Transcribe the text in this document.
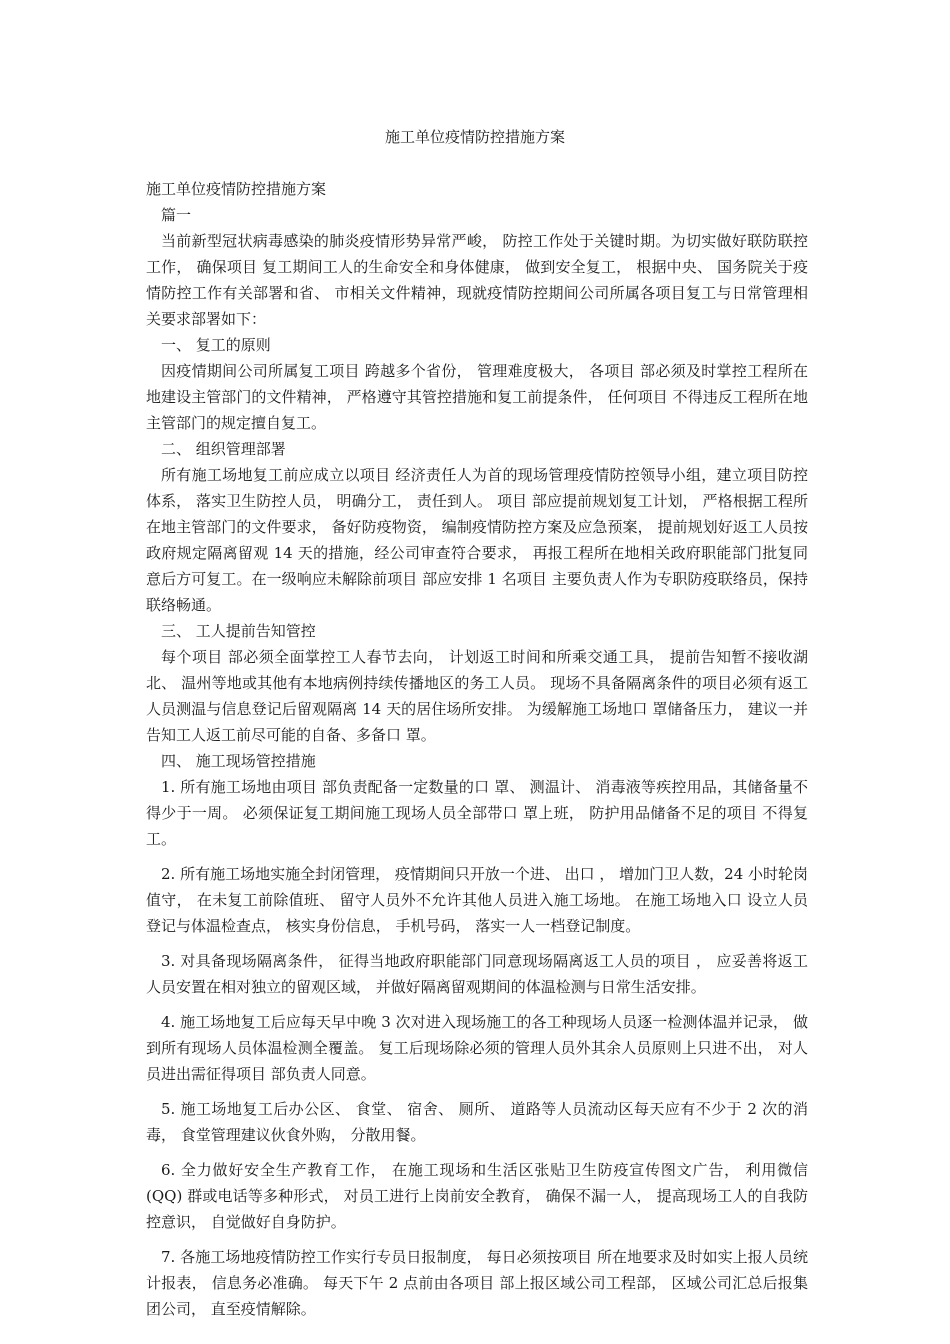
施工单位疫情防控措施方案

施工单位疫情防控措施方案

篇一

当前新型冠状病毒感染的肺炎疫情形势异常严峻， 防控工作处于关键时期。为切实做好联防联控工作， 确保项目 复工期间工人的生命安全和身体健康， 做到安全复工， 根据中央、 国务院关于疫情防控工作有关部署和省、 市相关文件精神，现就疫情防控期间公司所属各项目复工与日常管理相关要求部署如下：

一、 复工的原则

因疫情期间公司所属复工项目 跨越多个省份， 管理难度极大， 各项目 部必须及时掌控工程所在地建设主管部门的文件精神， 严格遵守其管控措施和复工前提条件， 任何项目 不得违反工程所在地主管部门的规定擅自复工。

二、 组织管理部署

所有施工场地复工前应成立以项目 经济责任人为首的现场管理疫情防控领导小组，建立项目防控体系， 落实卫生防控人员， 明确分工， 责任到人。 项目 部应提前规划复工计划， 严格根据工程所在地主管部门的文件要求， 备好防疫物资， 编制疫情防控方案及应急预案， 提前规划好返工人员按政府规定隔离留观 14 天的措施，经公司审查符合要求， 再报工程所在地相关政府职能部门批复同意后方可复工。在一级响应未解除前项目 部应安排 1 名项目 主要负责人作为专职防疫联络员，保持联络畅通。

三、 工人提前告知管控

每个项目 部必须全面掌控工人春节去向， 计划返工时间和所乘交通工具， 提前告知暂不接收湖北、 温州等地或其他有本地病例持续传播地区的务工人员。 现场不具备隔离条件的项目必须有返工人员测温与信息登记后留观隔离 14 天的居住场所安排。 为缓解施工场地口 罩储备压力， 建议一并告知工人返工前尽可能的自备、多备口 罩。

四、 施工现场管控措施

1. 所有施工场地由项目 部负责配备一定数量的口 罩、 测温计、 消毒液等疾控用品，其储备量不得少于一周。 必须保证复工期间施工现场人员全部带口 罩上班， 防护用品储备不足的项目 不得复工。

2. 所有施工场地实施全封闭管理， 疫情期间只开放一个进、 出口 ， 增加门卫人数，24 小时轮岗值守， 在未复工前除值班、 留守人员外不允许其他人员进入施工场地。 在施工场地入口 设立人员登记与体温检查点， 核实身份信息， 手机号码， 落实一人一档登记制度。

3. 对具备现场隔离条件， 征得当地政府职能部门同意现场隔离返工人员的项目 ， 应妥善将返工人员安置在相对独立的留观区域， 并做好隔离留观期间的体温检测与日常生活安排。

4. 施工场地复工后应每天早中晚 3 次对进入现场施工的各工种现场人员逐一检测体温并记录， 做到所有现场人员体温检测全覆盖。 复工后现场除必须的管理人员外其余人员原则上只进不出， 对人员进出需征得项目 部负责人同意。

5. 施工场地复工后办公区、 食堂、 宿舍、 厕所、 道路等人员流动区每天应有不少于 2 次的消毒， 食堂管理建议伙食外购， 分散用餐。

6. 全力做好安全生产教育工作， 在施工现场和生活区张贴卫生防疫宣传图文广告， 利用微信(QQ) 群或电话等多种形式， 对员工进行上岗前安全教育， 确保不漏一人， 提高现场工人的自我防控意识， 自觉做好自身防护。

7. 各施工场地疫情防控工作实行专员日报制度， 每日必须按项目 所在地要求及时如实上报人员统计报表， 信息务必准确。 每天下午 2 点前由各项目 部上报区域公司工程部， 区域公司汇总后报集团公司， 直至疫情解除。
